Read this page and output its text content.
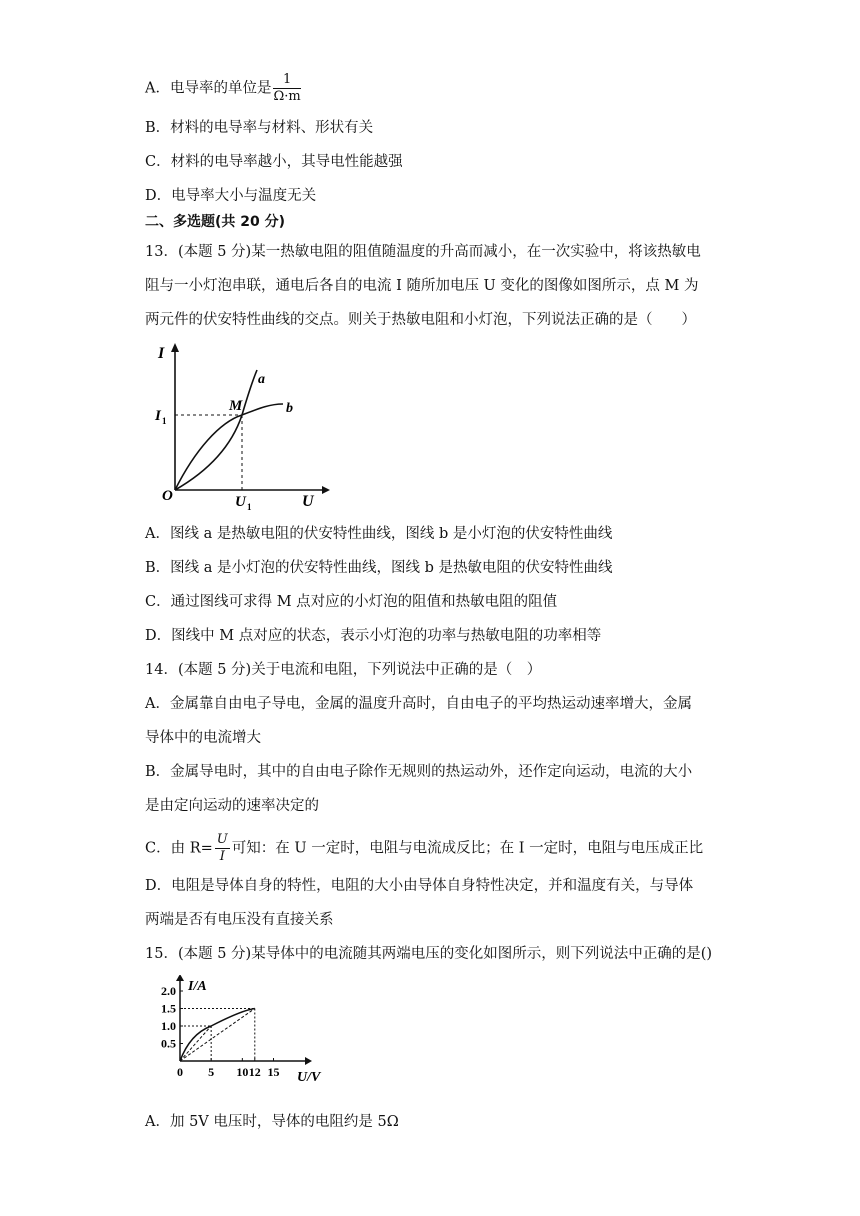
A．电导率的单位是 $\frac{1}{\Omega\cdot m}$
B．材料的电导率与材料、形状有关
C．材料的电导率越小，其导电性能越强
D．电导率大小与温度无关
二、多选题(共 20 分)
13．(本题 5 分)某一热敏电阻的阻值随温度的升高而减小，在一次实验中，将该热敏电
阻与一小灯泡串联，通电后各自的电流 I 随所加电压 U 变化的图像如图所示，点 M 为
两元件的伏安特性曲线的交点。则关于热敏电阻和小灯泡，下列说法正确的是（　　）
I
U
O
I 1
U 1
M
a
b
A．图线 a 是热敏电阻的伏安特性曲线，图线 b 是小灯泡的伏安特性曲线
B．图线 a 是小灯泡的伏安特性曲线，图线 b 是热敏电阻的伏安特性曲线
C．通过图线可求得 M 点对应的小灯泡的阻值和热敏电阻的阻值
D．图线中 M 点对应的状态，表示小灯泡的功率与热敏电阻的功率相等
14．(本题 5 分)关于电流和电阻，下列说法中正确的是（　）
A．金属靠自由电子导电，金属的温度升高时，自由电子的平均热运动速率增大，金属
导体中的电流增大
B．金属导电时，其中的自由电子除作无规则的热运动外，还作定向运动，电流的大小
是由定向运动的速率决定的
C．由 $R= \frac{U}{I}$ 可知：在 U 一定时，电阻与电流成反比；在 I 一定时，电阻与电压成正比
D．电阻是导体自身的特性，电阻的大小由导体自身特性决定，并和温度有关，与导体
两端是否有电压没有直接关系
15．(本题 5 分)某导体中的电流随其两端电压的变化如图所示，则下列说法中正确的是()
0.5
1.0
1.5
2.0
0 5 10 12 15
I/A
U/V
A．加 5V 电压时，导体的电阻约是 5Ω
